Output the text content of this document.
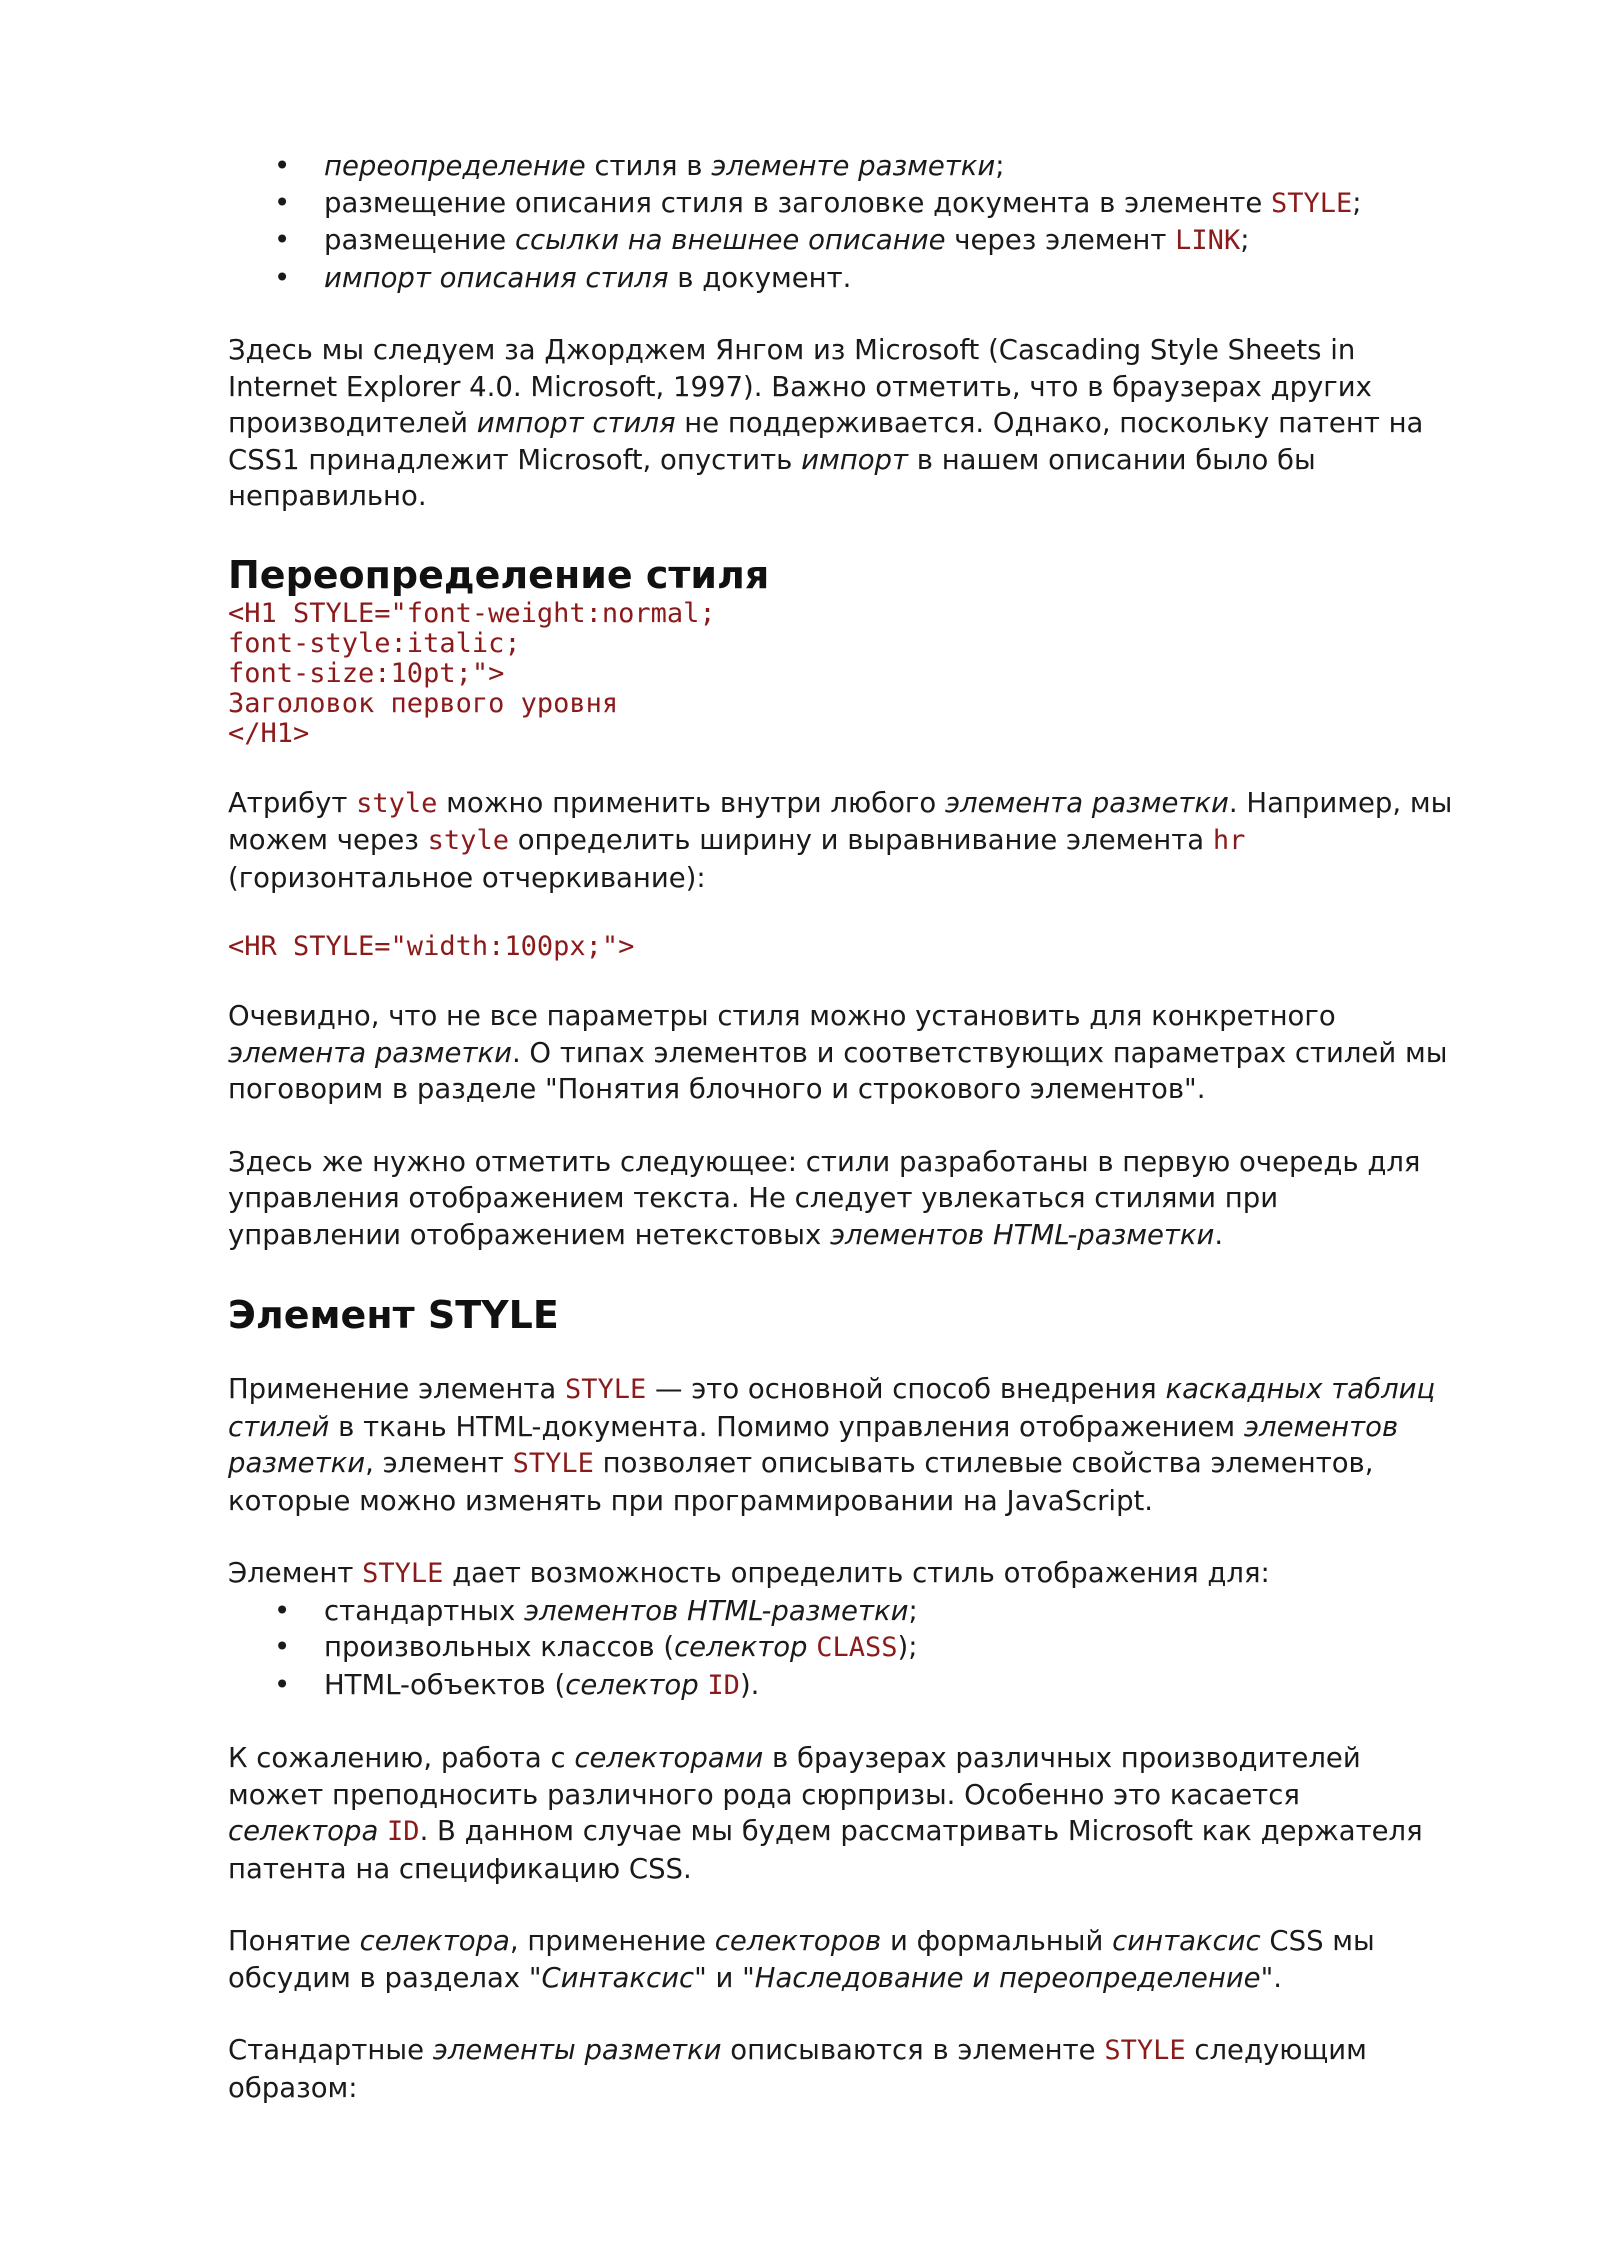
• переопределение стиля в элементе разметки;
• размещение описания стиля в заголовке документа в элементе STYLE;
• размещение ссылки на внешнее описание через элемент LINK;
• импорт описания стиля в документ.

Здесь мы следуем за Джорджем Янгом из Microsoft (Cascading Style Sheets in Internet Explorer 4.0. Microsoft, 1997). Важно отметить, что в браузерах других производителей импорт стиля не поддерживается. Однако, поскольку патент на CSS1 принадлежит Microsoft, опустить импорт в нашем описании было бы неправильно.

Переопределение стиля
<H1 STYLE="font-weight:normal;
font-style:italic;
font-size:10pt;">
Заголовок первого уровня
</H1>

Атрибут style можно применить внутри любого элемента разметки. Например, мы можем через style определить ширину и выравнивание элемента hr (горизонтальное отчеркивание):

<HR STYLE="width:100px;">

Очевидно, что не все параметры стиля можно установить для конкретного элемента разметки. О типах элементов и соответствующих параметрах стилей мы поговорим в разделе "Понятия блочного и строкового элементов".

Здесь же нужно отметить следующее: стили разработаны в первую очередь для управления отображением текста. Не следует увлекаться стилями при управлении отображением нетекстовых элементов HTML-разметки.

Элемент STYLE

Применение элемента STYLE — это основной способ внедрения каскадных таблиц стилей в ткань HTML-документа. Помимо управления отображением элементов разметки, элемент STYLE позволяет описывать стилевые свойства элементов, которые можно изменять при программировании на JavaScript.

Элемент STYLE дает возможность определить стиль отображения для:

• стандартных элементов HTML-разметки;
• произвольных классов (селектор CLASS);
• HTML-объектов (селектор ID).

К сожалению, работа с селекторами в браузерах различных производителей может преподносить различного рода сюрпризы. Особенно это касается селектора ID. В данном случае мы будем рассматривать Microsoft как держателя патента на спецификацию CSS.

Понятие селектора, применение селекторов и формальный синтаксис CSS мы обсудим в разделах "Синтаксис" и "Наследование и переопределение".

Стандартные элементы разметки описываются в элементе STYLE следующим образом:
